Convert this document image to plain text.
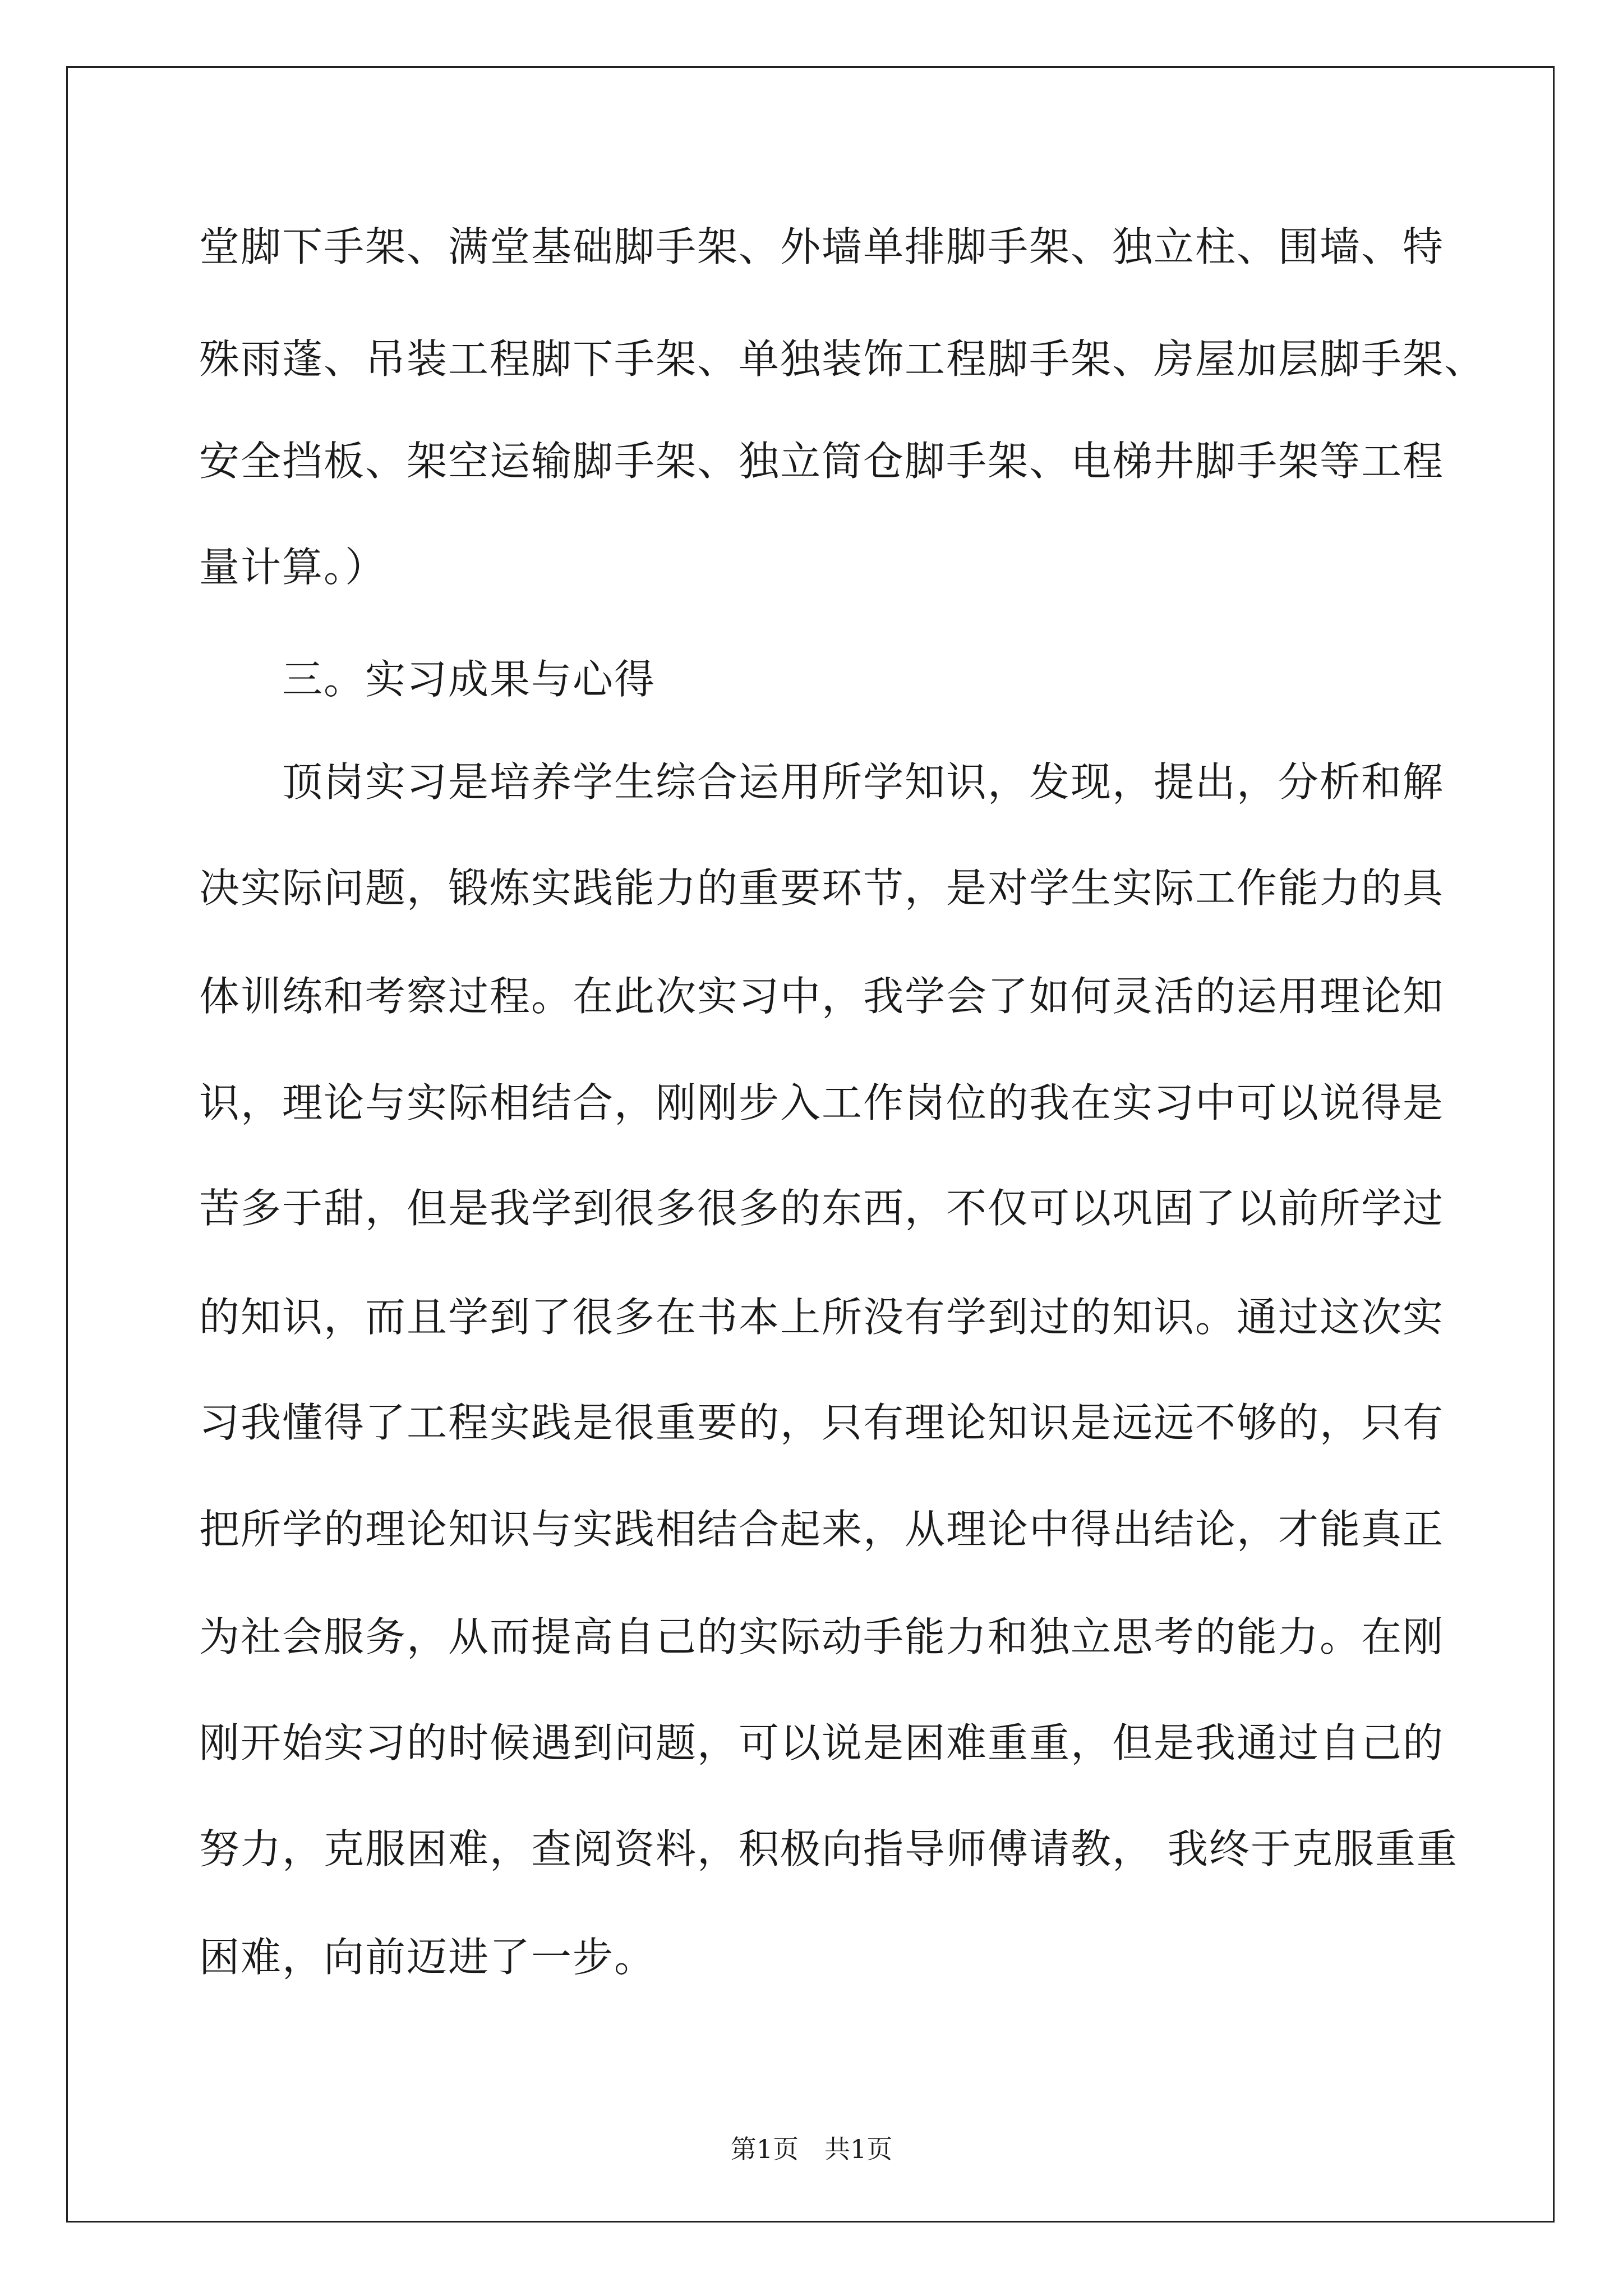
堂脚下手架、满堂基础脚手架、外墙单排脚手架、独立柱、围墙、特
殊雨蓬、吊装工程脚下手架、单独装饰工程脚手架、房屋加层脚手架、
安全挡板、架空运输脚手架、独立筒仓脚手架、电梯井脚手架等工程
量计算。）
　　三。实习成果与心得
　　顶岗实习是培养学生综合运用所学知识，发现，提出，分析和解
决实际问题，锻炼实践能力的重要环节，是对学生实际工作能力的具
体训练和考察过程。在此次实习中，我学会了如何灵活的运用理论知
识，理论与实际相结合，刚刚步入工作岗位的我在实习中可以说得是
苦多于甜，但是我学到很多很多的东西，不仅可以巩固了以前所学过
的知识，而且学到了很多在书本上所没有学到过的知识。通过这次实
习我懂得了工程实践是很重要的，只有理论知识是远远不够的，只有
把所学的理论知识与实践相结合起来，从理论中得出结论，才能真正
为社会服务，从而提高自己的实际动手能力和独立思考的能力。在刚
刚开始实习的时候遇到问题，可以说是困难重重，但是我通过自己的
努力，克服困难，查阅资料，积极向指导师傅请教， 我终于克服重重
困难，向前迈进了一步。
第1页　共1页
